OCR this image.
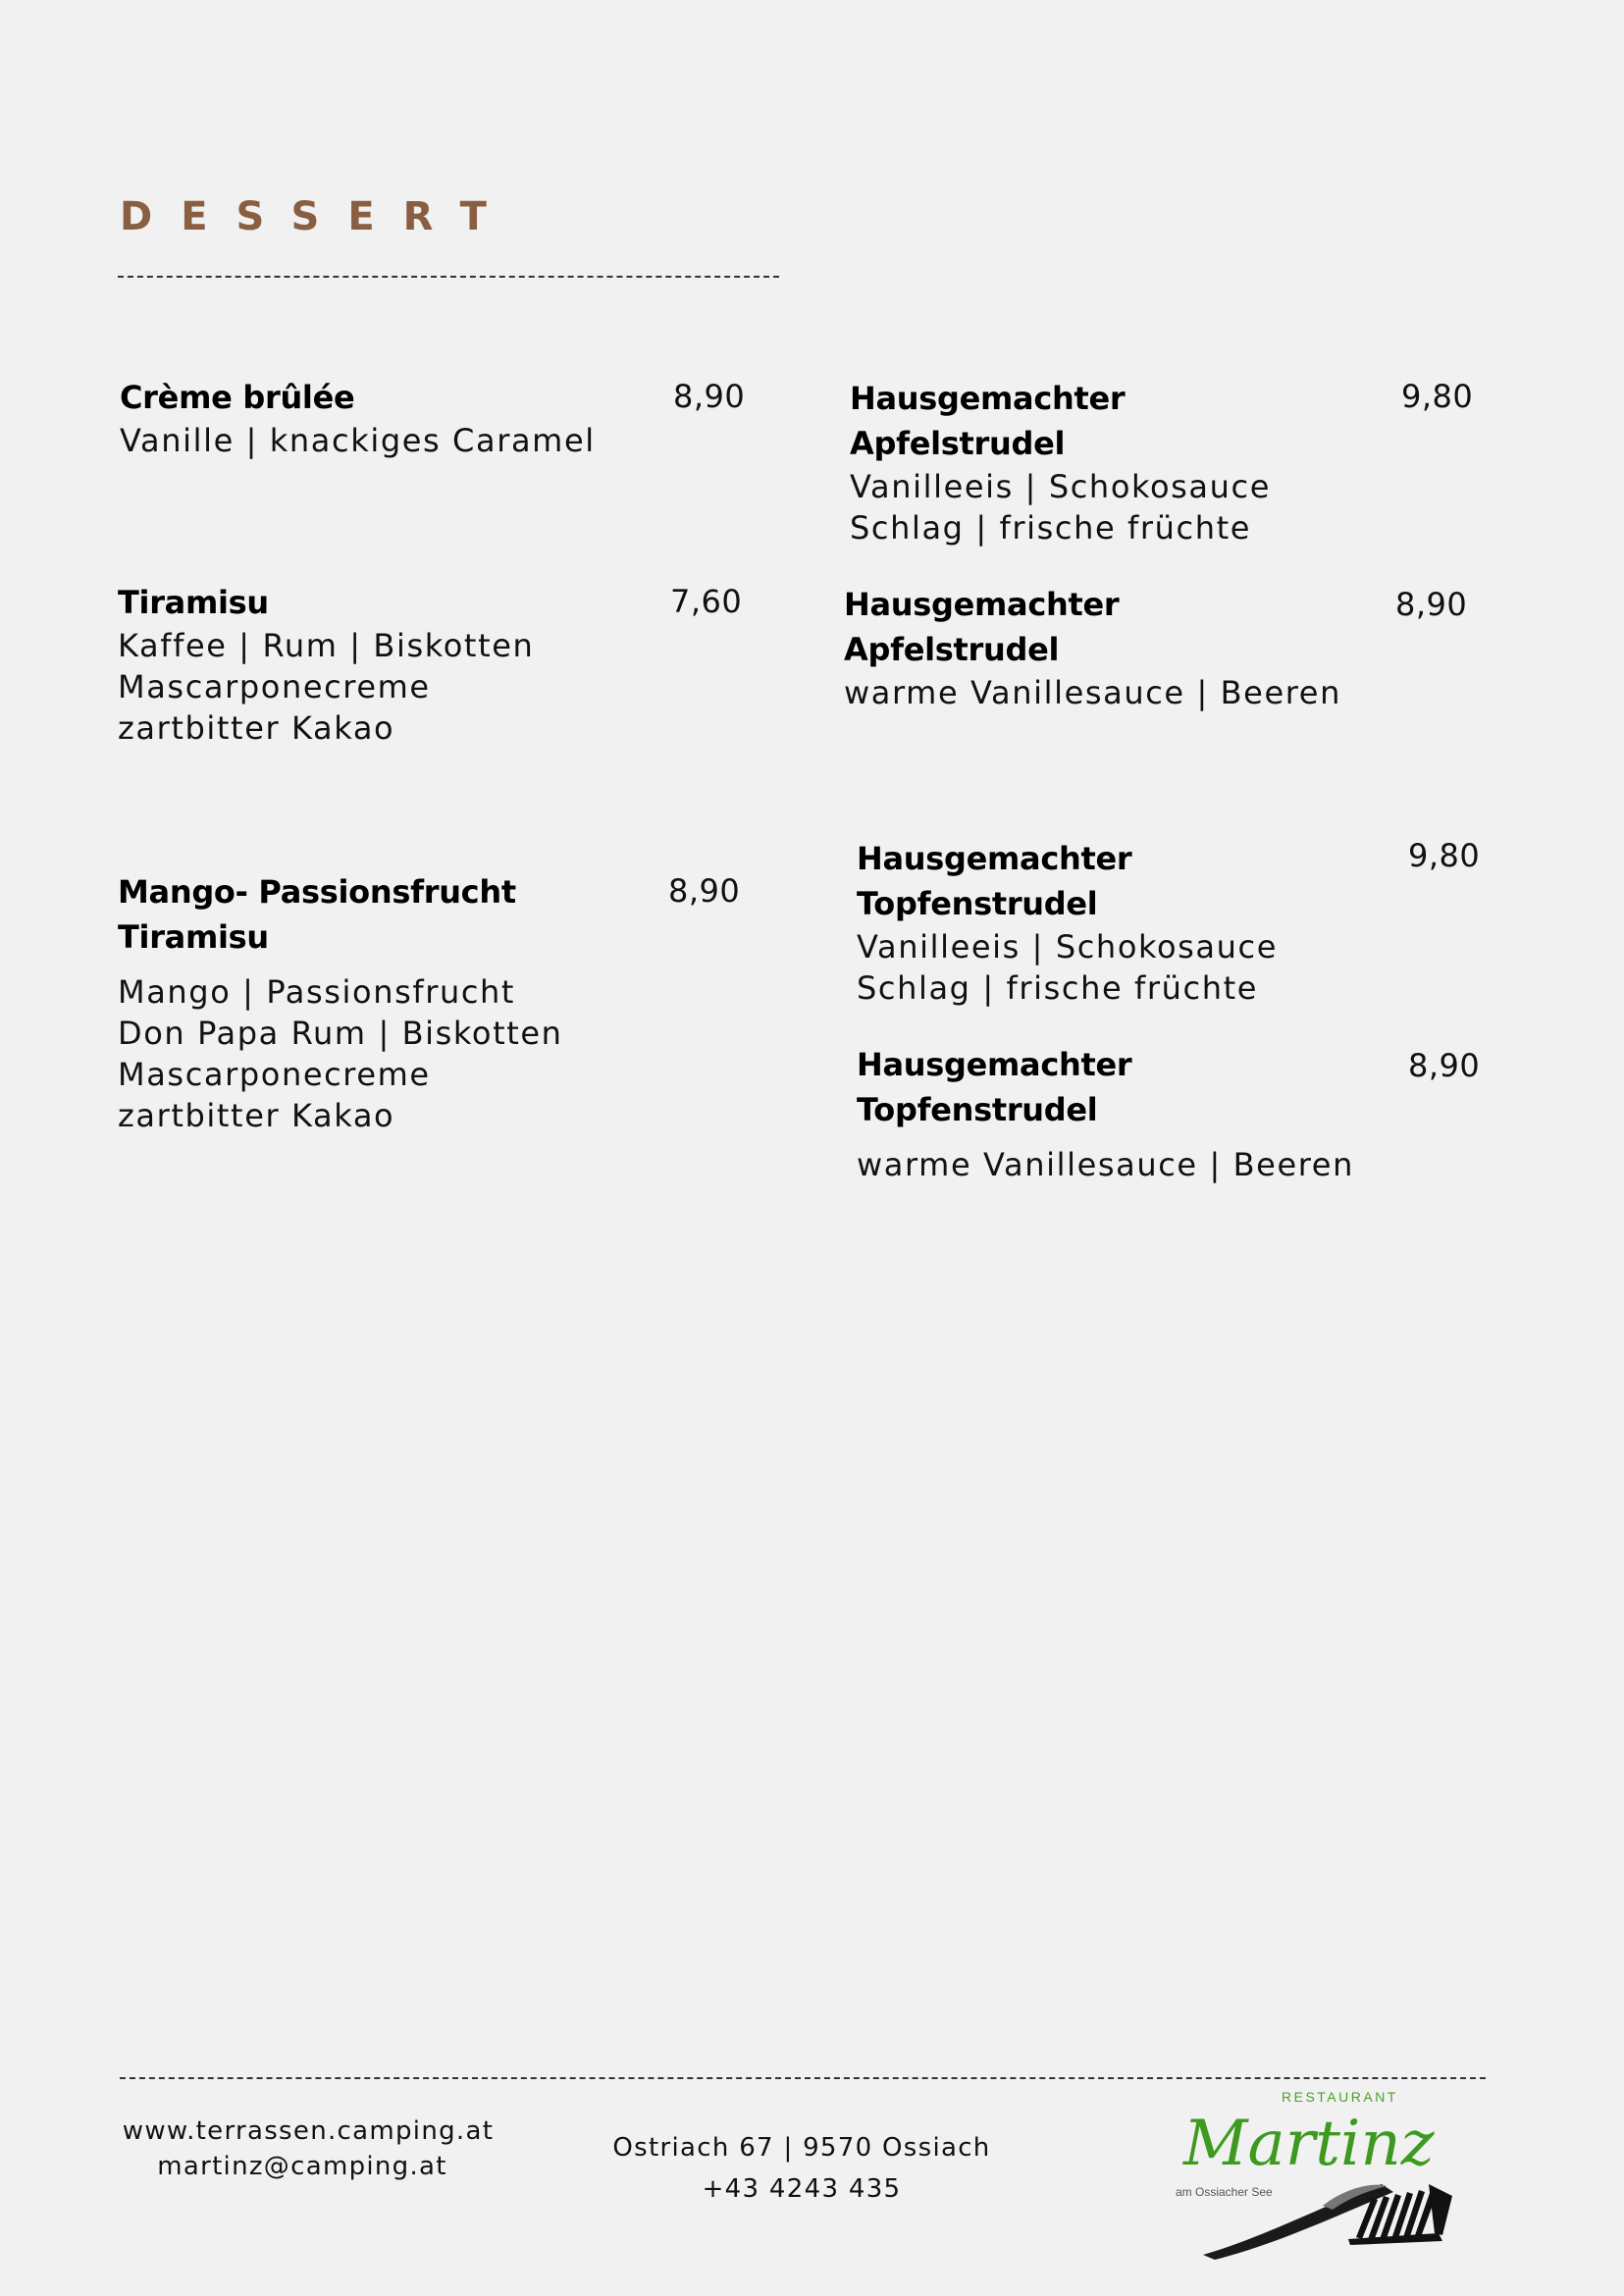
DESSERT
Crème brûlée
Vanille | knackiges Caramel
8,90
Tiramisu
Kaffee | Rum | Biskotten
Mascarponecreme
zartbitter Kakao
7,60
Mango- Passionsfrucht
Tiramisu
Mango | Passionsfrucht
Don Papa Rum | Biskotten
Mascarponecreme
zartbitter Kakao
8,90
Hausgemachter
Apfelstrudel
Vanilleeis | Schokosauce
Schlag | frische früchte
9,80
Hausgemachter
Apfelstrudel
warme Vanillesauce | Beeren
8,90
Hausgemachter
Topfenstrudel
Vanilleeis | Schokosauce
Schlag | frische früchte
9,80
Hausgemachter
Topfenstrudel
warme Vanillesauce | Beeren
8,90
www.terrassen.camping.at
martinz@camping.at
Ostriach 67 | 9570 Ossiach
+43 4243 435
RESTAURANT
Martinz
am Ossiacher See
